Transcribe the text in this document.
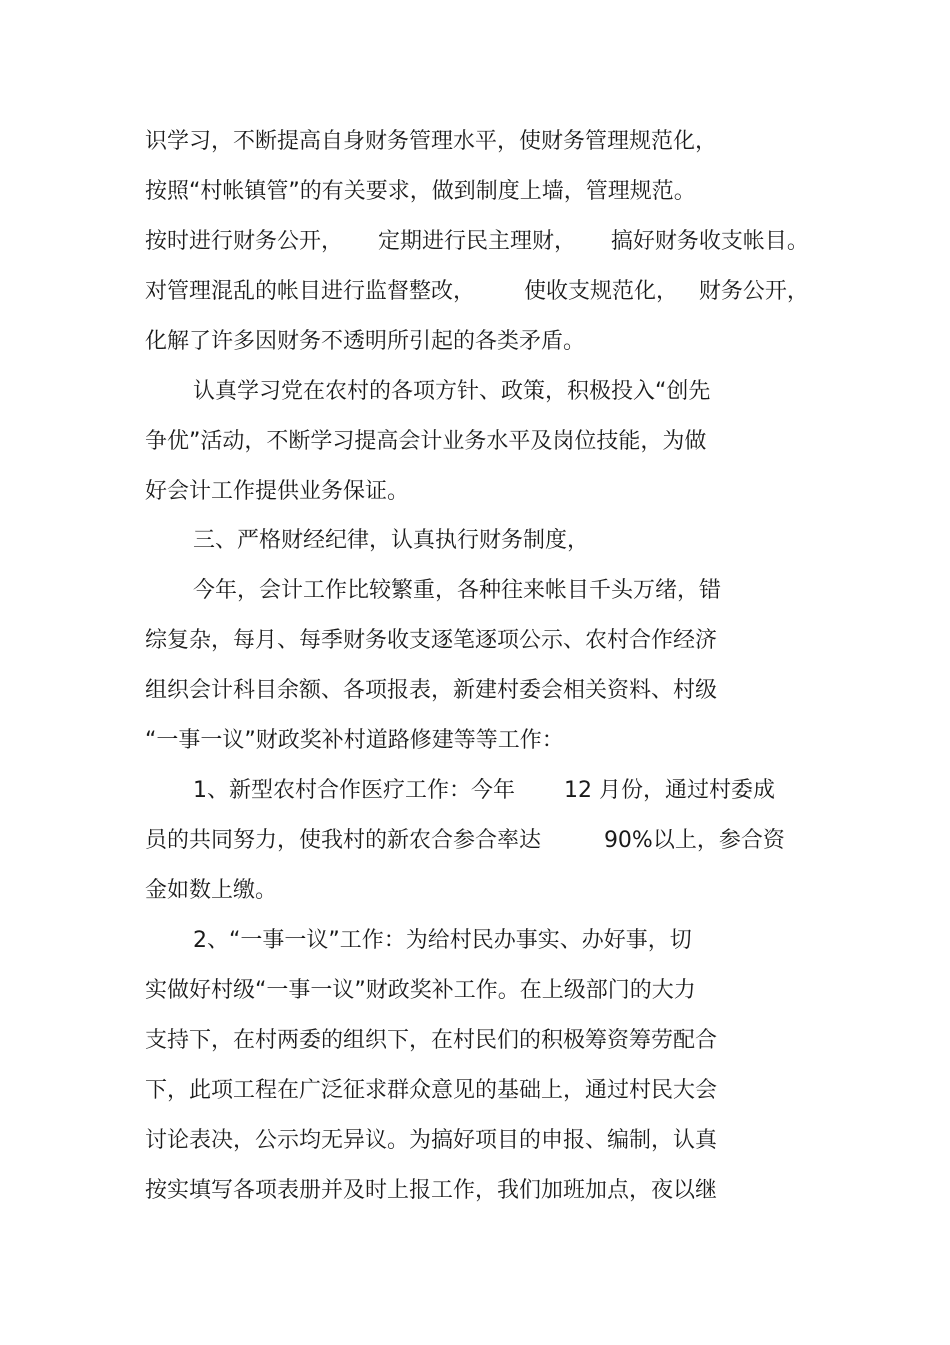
识学习，不断提高自身财务管理水平，使财务管理规范化，

按照“村帐镇管”的有关要求，做到制度上墙，管理规范。

按时进行财务公开，     定期进行民主理财，     搞好财务收支帐目。

对管理混乱的帐目进行监督整改，       使收支规范化，   财务公开，

化解了许多因财务不透明所引起的各类矛盾。

认真学习党在农村的各项方针、政策，积极投入“创先

争优”活动，不断学习提高会计业务水平及岗位技能，为做

好会计工作提供业务保证。

三、严格财经纪律，认真执行财务制度，

今年，会计工作比较繁重，各种往来帐目千头万绪，错

综复杂，每月、每季财务收支逐笔逐项公示、农村合作经济

组织会计科目余额、各项报表，新建村委会相关资料、村级

“一事一议”财政奖补村道路修建等等工作：

1、新型农村合作医疗工作：今年       12 月份，通过村委成

员的共同努力，使我村的新农合参合率达         90%以上，参合资

金如数上缴。

2、“一事一议”工作：为给村民办事实、办好事，切

实做好村级“一事一议”财政奖补工作。在上级部门的大力

支持下，在村两委的组织下，在村民们的积极筹资筹劳配合

下，此项工程在广泛征求群众意见的基础上，通过村民大会

讨论表决，公示均无异议。为搞好项目的申报、编制，认真

按实填写各项表册并及时上报工作，我们加班加点，夜以继
